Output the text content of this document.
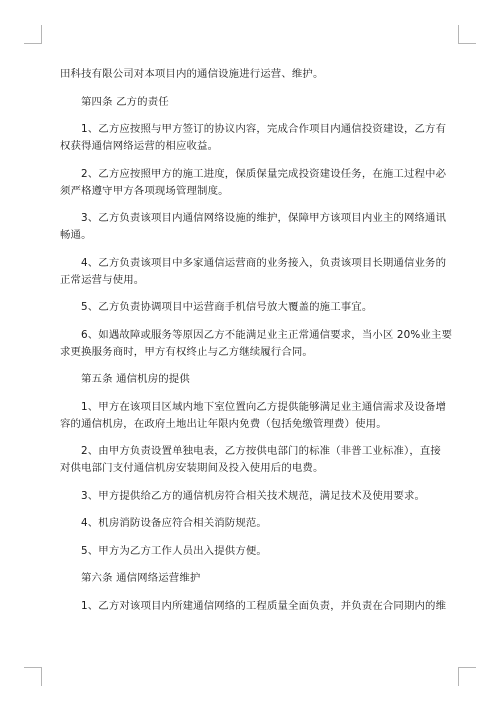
田科技有限公司对本项目内的通信设施进行运营、维护。
第四条 乙方的责任
1、乙方应按照与甲方签订的协议内容，完成合作项目内通信投资建设，乙方有
权获得通信网络运营的相应收益。
2、乙方应按照甲方的施工进度，保质保量完成投资建设任务，在施工过程中必
须严格遵守甲方各项现场管理制度。
3、乙方负责该项目内通信网络设施的维护，保障甲方该项目内业主的网络通讯
畅通。
4、乙方负责该项目中多家通信运营商的业务接入，负责该项目长期通信业务的
正常运营与使用。
5、乙方负责协调项目中运营商手机信号放大覆盖的施工事宜。
6、如遇故障或服务等原因乙方不能满足业主正常通信要求，当小区 20%业主要
求更换服务商时，甲方有权终止与乙方继续履行合同。
第五条 通信机房的提供
1、甲方在该项目区域内地下室位置向乙方提供能够满足业主通信需求及设备增
容的通信机房，在政府土地出让年限内免费（包括免缴管理费）使用。
2、由甲方负责设置单独电表，乙方按供电部门的标准（非普工业标准），直接
对供电部门支付通信机房安装期间及投入使用后的电费。
3、甲方提供给乙方的通信机房符合相关技术规范，满足技术及使用要求。
4、机房消防设备应符合相关消防规范。
5、甲方为乙方工作人员出入提供方便。
第六条 通信网络运营维护
1、乙方对该项目内所建通信网络的工程质量全面负责，并负责在合同期内的维
